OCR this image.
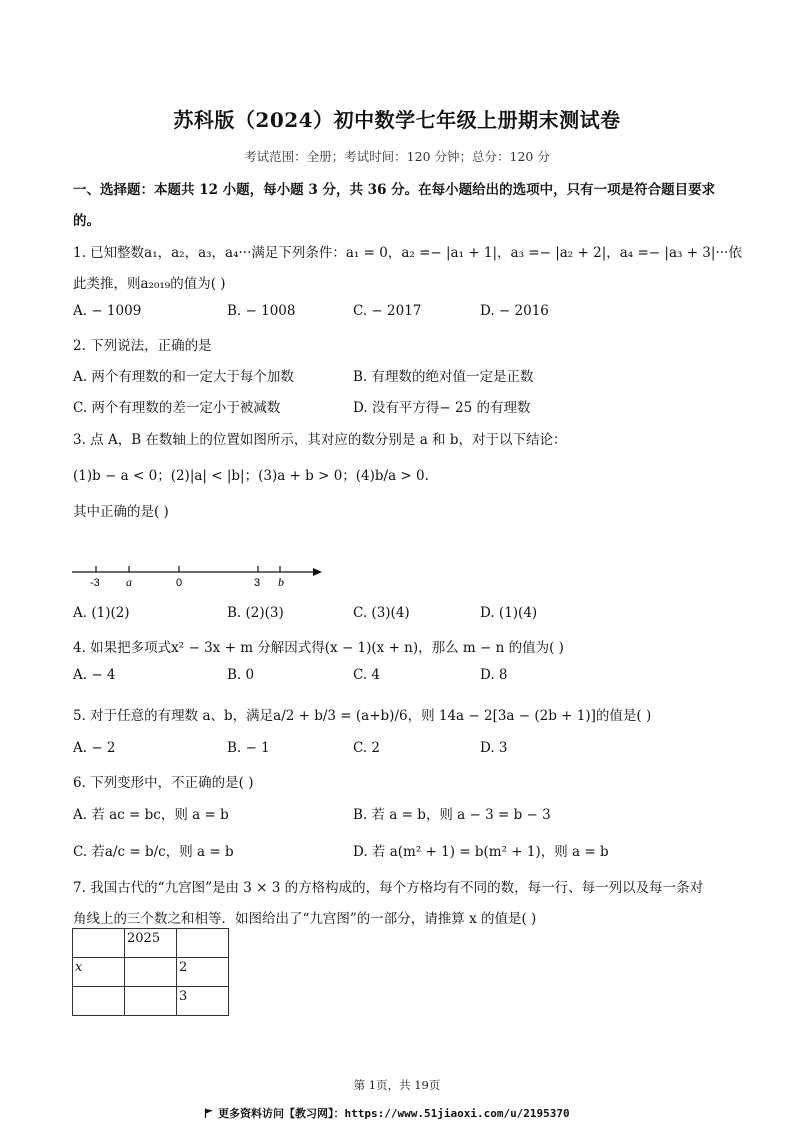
苏科版（2024）初中数学七年级上册期末测试卷
考试范围：全册；考试时间：120 分钟；总分：120 分
一、选择题：本题共 12 小题，每小题 3 分，共 36 分。在每小题给出的选项中，只有一项是符合题目要求
的。
1. 已知整数a₁，a₂，a₃，a₄···满足下列条件：a₁ = 0，a₂ =− |a₁ + 1|，a₃ =− |a₂ + 2|，a₄ =− |a₃ + 3|···依
此类推，则a₂₀₁₉的值为( )
A. − 1009	B. − 1008	C. − 2017	D. − 2016
2. 下列说法，正确的是
A. 两个有理数的和一定大于每个加数	B. 有理数的绝对值一定是正数
C. 两个有理数的差一定小于被减数	D. 没有平方得− 25 的有理数
3. 点 A，B 在数轴上的位置如图所示，其对应的数分别是 a 和 b，对于以下结论：
(1)b − a < 0；(2)|a| < |b|；(3)a + b > 0；(4)b/a > 0.
其中正确的是( )
-3 a	0	3 b
A. (1)(2)	B. (2)(3)	C. (3)(4)	D. (1)(4)
4. 如果把多项式x² − 3x + m 分解因式得(x − 1)(x + n)，那么 m − n 的值为( )
A. − 4	B. 0	C. 4	D. 8
5. 对于任意的有理数 a、b，满足a/2 + b/3 = (a+b)/6，则 14a − 2[3a − (2b + 1)]的值是( )
A. − 2	B. − 1	C. 2	D. 3
6. 下列变形中，不正确的是( )
A. 若 ac = bc，则 a = b	B. 若 a = b，则 a − 3 = b − 3
C. 若a/c = b/c，则 a = b	D. 若 a(m² + 1) = b(m² + 1)，则 a = b
7. 我国古代的“九宫图”是由 3 × 3 的方格构成的，每个方格均有不同的数，每一行、每一列以及每一条对
角线上的三个数之和相等．如图给出了“九宫图”的一部分，请推算 x 的值是( )
	2025	
x		2
		3
第 1页，共 19页
更多资料访问【教习网】：https://www.51jiaoxi.com/u/2195370
